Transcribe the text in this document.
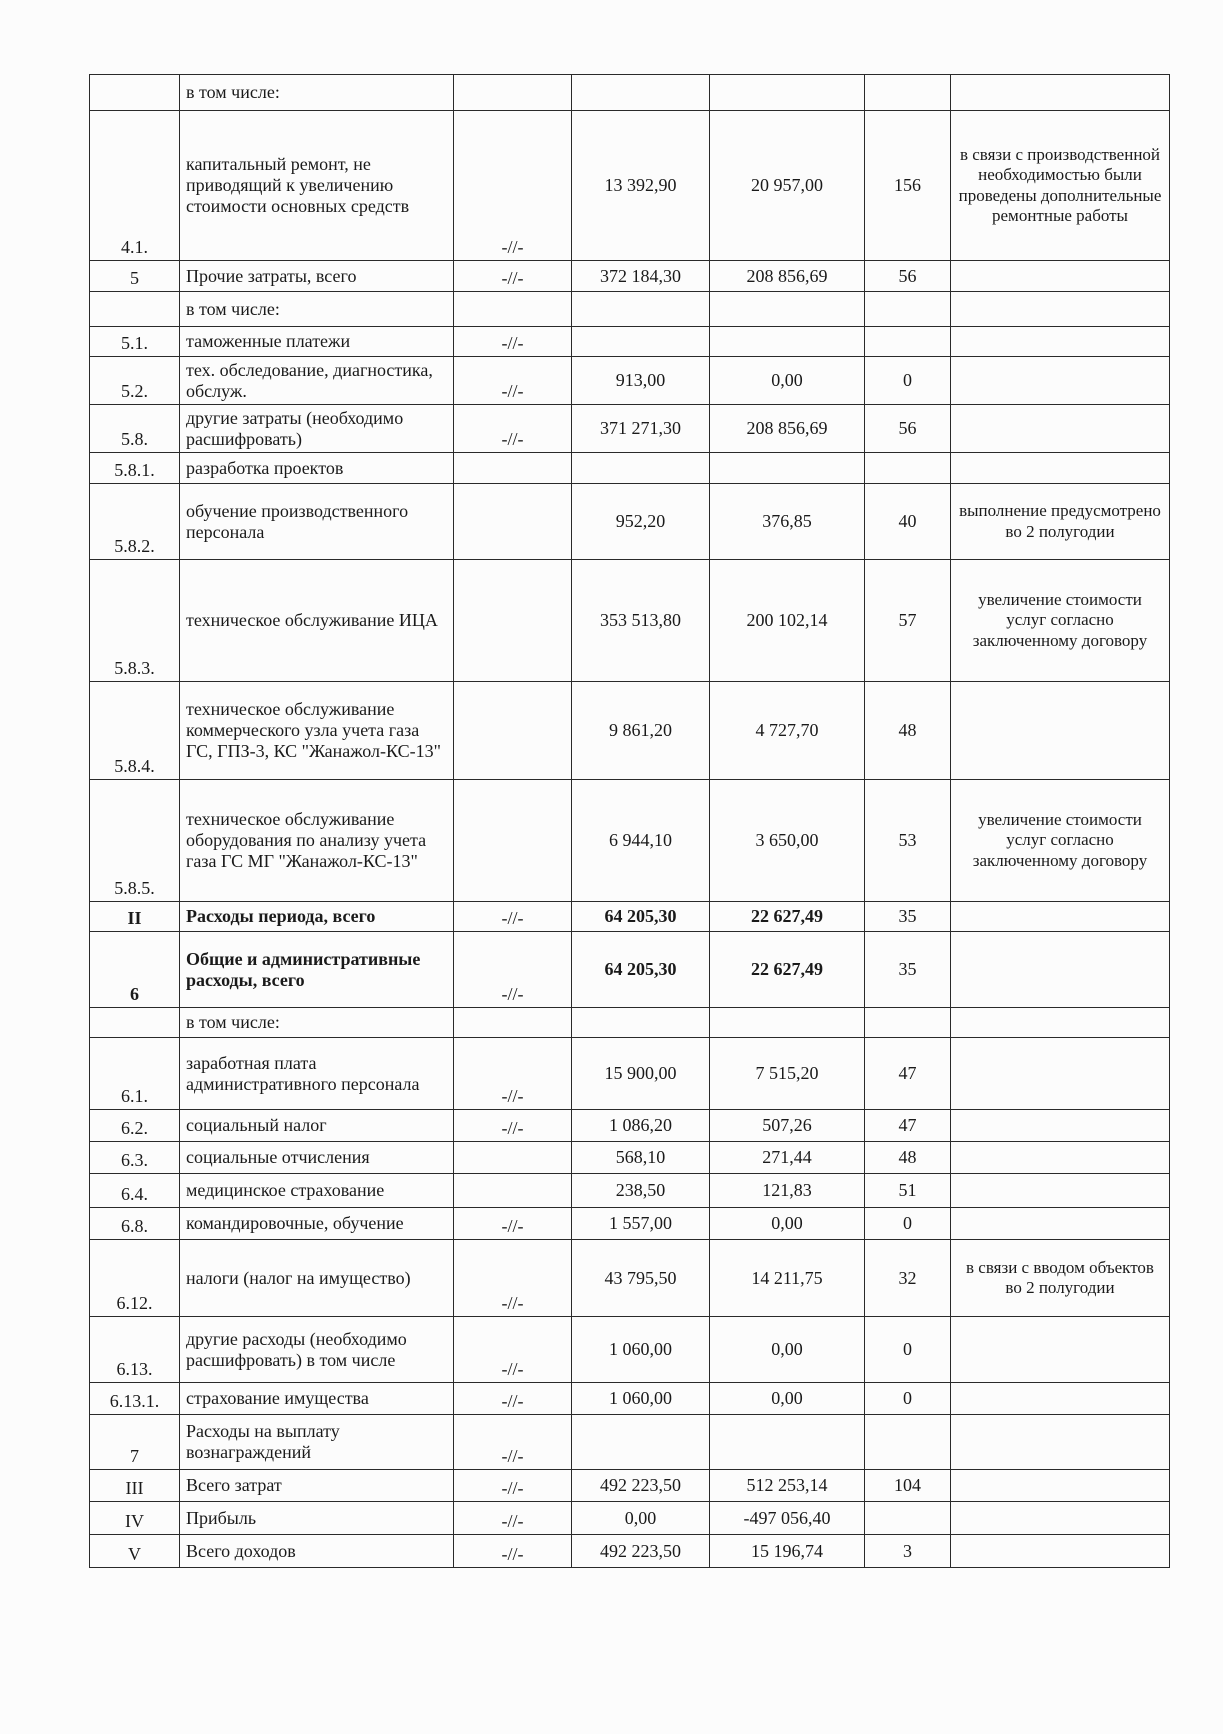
	в том числе:					
4.1.	капитальный ремонт, не приводящий к увеличению стоимости основных средств	-//-	13 392,90	20 957,00	156	в связи с производственной необходимостью были проведены дополнительные ремонтные работы
5	Прочие затраты, всего	-//-	372 184,30	208 856,69	56	
	в том числе:					
5.1.	таможенные платежи	-//-				
5.2.	тех. обследование, диагностика, обслуж.	-//-	913,00	0,00	0	
5.8.	другие затраты (необходимо расшифровать)	-//-	371 271,30	208 856,69	56	
5.8.1.	разработка проектов					
5.8.2.	обучение производственного персонала		952,20	376,85	40	выполнение предусмотрено во 2 полугодии
5.8.3.	техническое обслуживание ИЦА		353 513,80	200 102,14	57	увеличение стоимости услуг согласно заключенному договору
5.8.4.	техническое обслуживание коммерческого узла учета газа ГС, ГПЗ-3, КС "Жанажол-КС-13"		9 861,20	4 727,70	48	
5.8.5.	техническое обслуживание оборудования по анализу учета газа ГС МГ "Жанажол-КС-13"		6 944,10	3 650,00	53	увеличение стоимости услуг согласно заключенному договору
II	Расходы периода, всего	-//-	64 205,30	22 627,49	35	
6	Общие и административные расходы, всего	-//-	64 205,30	22 627,49	35	
	в том числе:					
6.1.	заработная плата административного персонала	-//-	15 900,00	7 515,20	47	
6.2.	социальный налог	-//-	1 086,20	507,26	47	
6.3.	социальные отчисления		568,10	271,44	48	
6.4.	медицинское страхование		238,50	121,83	51	
6.8.	командировочные, обучение	-//-	1 557,00	0,00	0	
6.12.	налоги (налог на имущество)	-//-	43 795,50	14 211,75	32	в связи с вводом объектов во 2 полугодии
6.13.	другие расходы (необходимо расшифровать) в том числе	-//-	1 060,00	0,00	0	
6.13.1.	страхование имущества	-//-	1 060,00	0,00	0	
7	Расходы на выплату вознаграждений	-//-				
III	Всего затрат	-//-	492 223,50	512 253,14	104	
IV	Прибыль	-//-	0,00	-497 056,40		
V	Всего доходов	-//-	492 223,50	15 196,74	3	
